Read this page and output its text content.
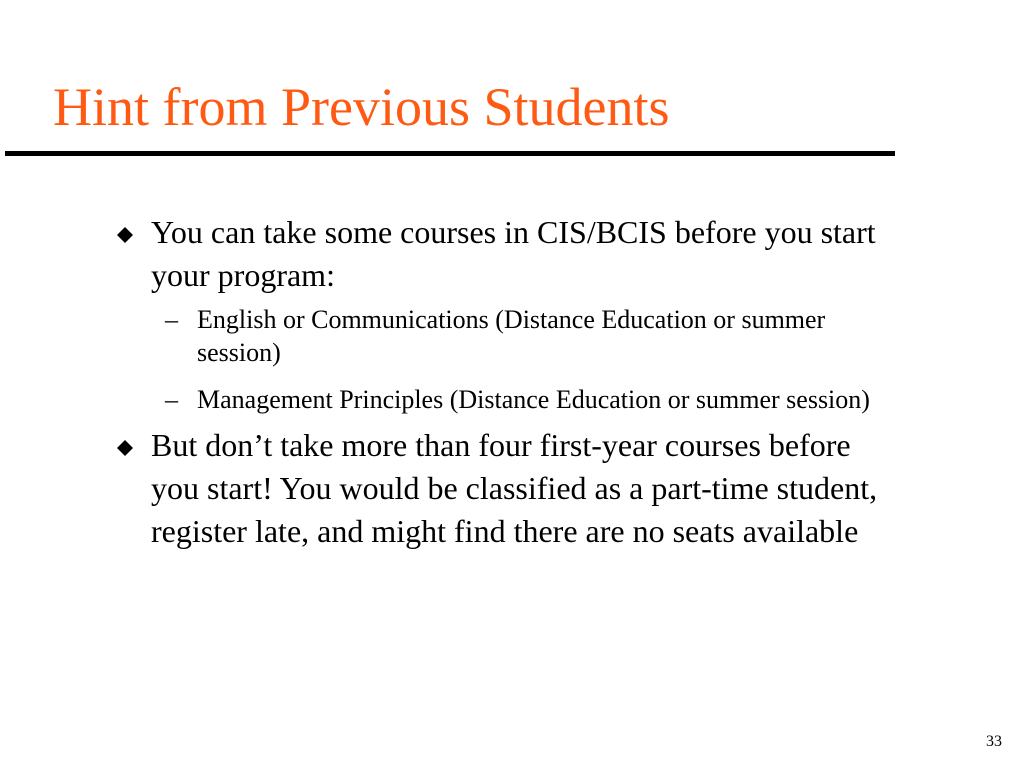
Hint from Previous Students
You can take some courses in CIS/BCIS before you start your program:
– English or Communications (Distance Education or summer session)
– Management Principles (Distance Education or summer session)
But don’t take more than four first-year courses before you start! You would be classified as a part-time student, register late, and might find there are no seats available
33
